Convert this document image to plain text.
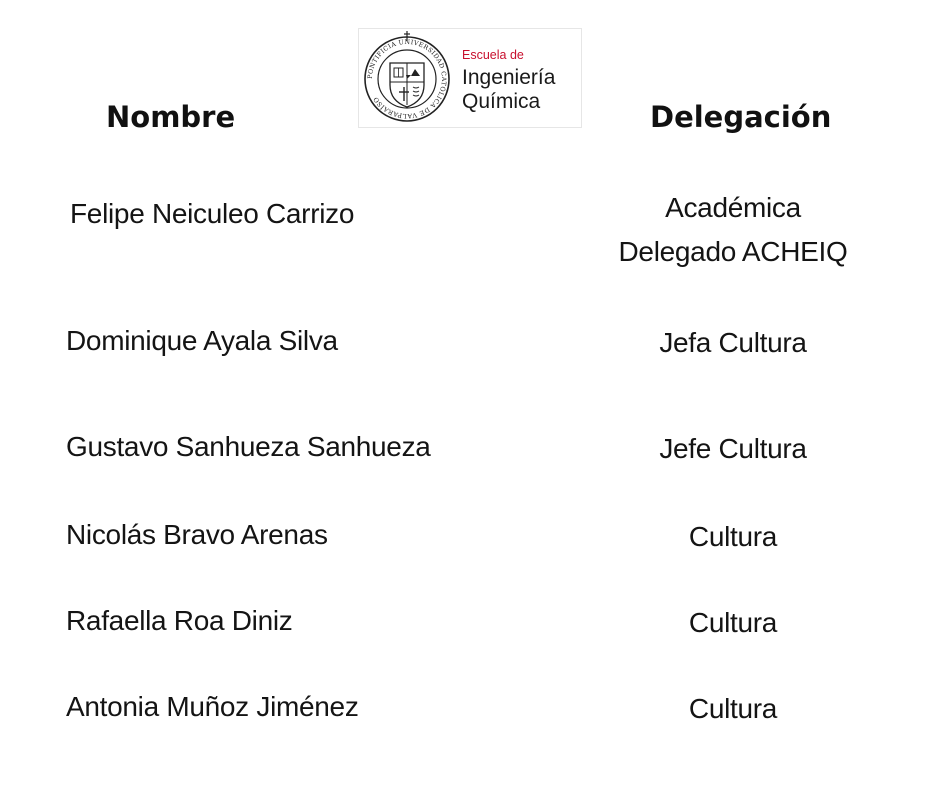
PONTIFICIA UNIVERSIDAD CATÓLICA DE VALPARAÍSO
Escuela de
Ingeniería
Química
Nombre	Delegación
Felipe Neiculeo Carrizo	Académica
Delegado ACHEIQ
Dominique Ayala Silva	Jefa Cultura
Gustavo Sanhueza Sanhueza	Jefe Cultura
Nicolás Bravo Arenas	Cultura
Rafaella Roa Diniz	Cultura
Antonia Muñoz Jiménez	Cultura
